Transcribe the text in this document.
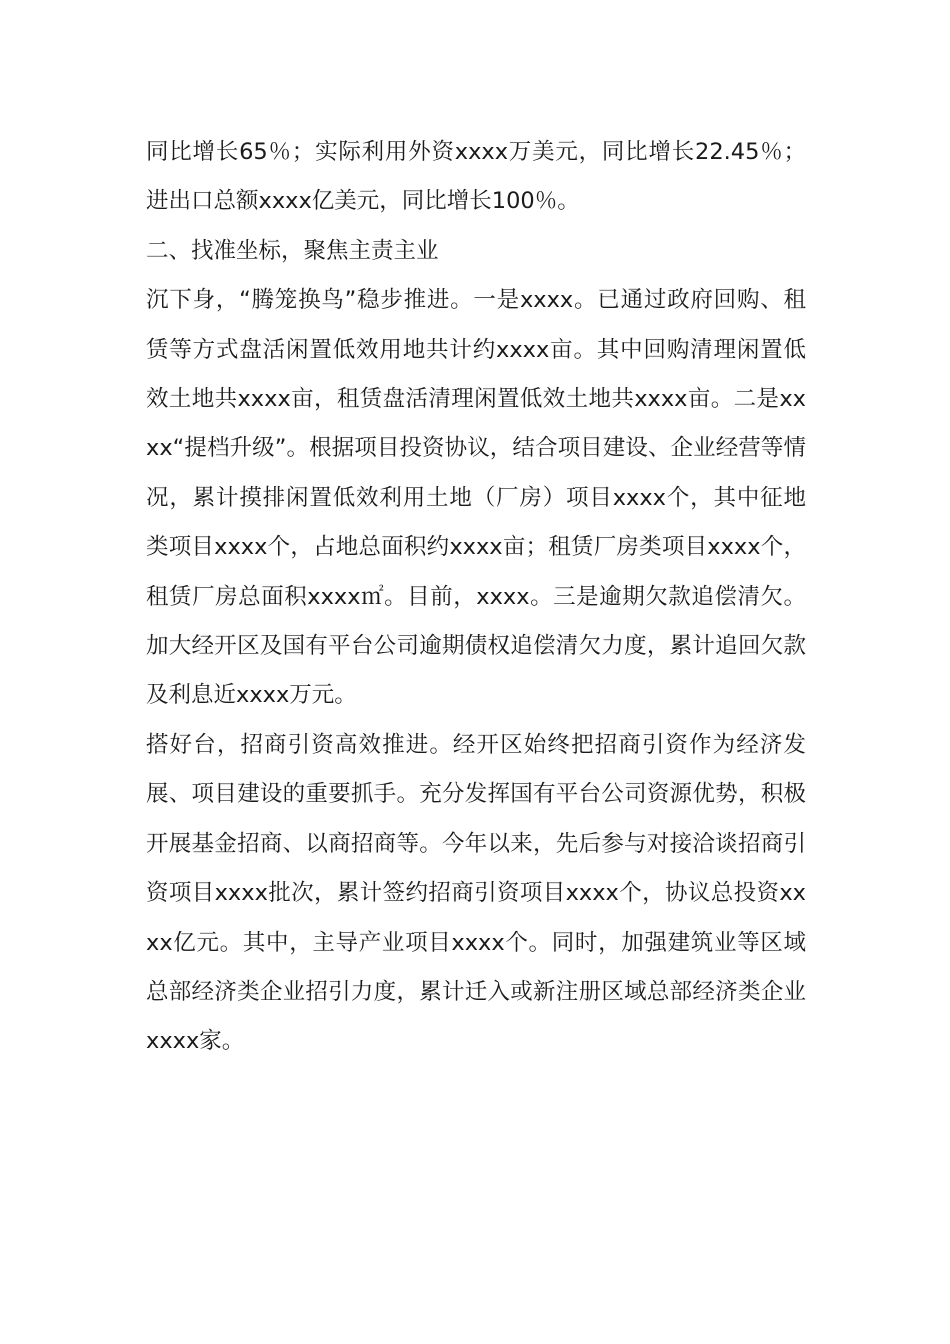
同比增长65％；实际利用外资xxxx万美元，同比增长22.45％；进出口总额xxxx亿美元，同比增长100％。

二、找准坐标，聚焦主责主业

沉下身，“腾笼换鸟”稳步推进。一是xxxx。已通过政府回购、租赁等方式盘活闲置低效用地共计约xxxx亩。其中回购清理闲置低效土地共xxxx亩，租赁盘活清理闲置低效土地共xxxx亩。二是xxxx“提档升级”。根据项目投资协议，结合项目建设、企业经营等情况，累计摸排闲置低效利用土地（厂房）项目xxxx个，其中征地类项目xxxx个，占地总面积约xxxx亩；租赁厂房类项目xxxx个，租赁厂房总面积xxxx㎡。目前，xxxx。三是逾期欠款追偿清欠。加大经开区及国有平台公司逾期债权追偿清欠力度，累计追回欠款及利息近xxxx万元。

搭好台，招商引资高效推进。经开区始终把招商引资作为经济发展、项目建设的重要抓手。充分发挥国有平台公司资源优势，积极开展基金招商、以商招商等。今年以来，先后参与对接洽谈招商引资项目xxxx批次，累计签约招商引资项目xxxx个，协议总投资xxxx亿元。其中，主导产业项目xxxx个。同时，加强建筑业等区域总部经济类企业招引力度，累计迁入或新注册区域总部经济类企业xxxx家。
